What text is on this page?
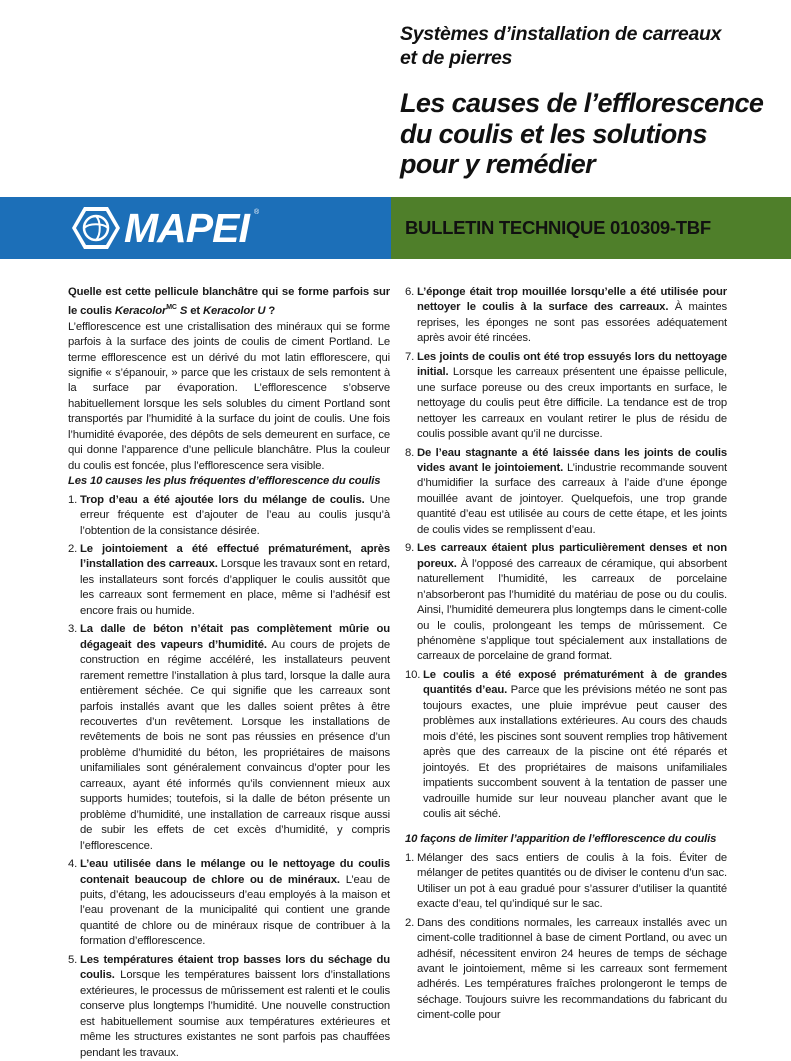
Systèmes d’installation de carreaux
et de pierres
Les causes de l’efflorescence
du coulis et les solutions
pour y remédier
MAPEI ®
BULLETIN TECHNIQUE 010309-TBF
Quelle est cette pellicule blanchâtre qui se forme parfois sur le coulis Keracolor$^{MC}$ S et Keracolor U ?
L’efflorescence est une cristallisation des minéraux qui se forme parfois à la surface des joints de coulis de ciment Portland. Le terme efflorescence est un dérivé du mot latin efflorescere, qui signifie « s’épanouir, » parce que les cristaux de sels remontent à la surface par évaporation. L’efflorescence s’observe habituellement lorsque les sels solubles du ciment Portland sont transportés par l’humidité à la surface du joint de coulis. Une fois l’humidité évaporée, des dépôts de sels demeurent en surface, ce qui donne l’apparence d’une pellicule blanchâtre. Plus la couleur du coulis est foncée, plus l’efflorescence sera visible.
Les 10 causes les plus fréquentes d’efflorescence du coulis
1. Trop d’eau a été ajoutée lors du mélange de coulis. Une erreur fréquente est d’ajouter de l’eau au coulis jusqu’à l’obtention de la consistance désirée.
2. Le jointoiement a été effectué prématurément, après l’installation des carreaux. Lorsque les travaux sont en retard, les installateurs sont forcés d’appliquer le coulis aussitôt que les carreaux sont fermement en place, même si l’adhésif est encore frais ou humide.
3. La dalle de béton n’était pas complètement mûrie ou dégageait des vapeurs d’humidité. Au cours de projets de construction en régime accéléré, les installateurs peuvent rarement remettre l’installation à plus tard, lorsque la dalle aura entièrement séchée. Ce qui signifie que les carreaux sont parfois installés avant que les dalles soient prêtes à être recouvertes d’un revêtement. Lorsque les installations de revêtements de bois ne sont pas réussies en présence d’un problème d’humidité du béton, les propriétaires de maisons unifamiliales sont généralement convaincus d’opter pour les carreaux, ayant été informés qu’ils conviennent mieux aux supports humides; toutefois, si la dalle de béton présente un problème d’humidité, une installation de carreaux risque aussi de subir les effets de cet excès d’humidité, y compris l’efflorescence.
4. L’eau utilisée dans le mélange ou le nettoyage du coulis contenait beaucoup de chlore ou de minéraux. L’eau de puits, d’étang, les adoucisseurs d’eau employés à la maison et l’eau provenant de la municipalité qui contient une grande quantité de chlore ou de minéraux risque de contribuer à la formation d’efflorescence.
5. Les températures étaient trop basses lors du séchage du coulis. Lorsque les températures baissent lors d’installations extérieures, le processus de mûrissement est ralenti et le coulis conserve plus longtemps l’humidité. Une nouvelle construction est habituellement soumise aux températures extérieures et même les structures existantes ne sont parfois pas chauffées pendant les travaux.
6. L’éponge était trop mouillée lorsqu’elle a été utilisée pour nettoyer le coulis à la surface des carreaux. À maintes reprises, les éponges ne sont pas essorées adéquatement après avoir été rincées.
7. Les joints de coulis ont été trop essuyés lors du nettoyage initial. Lorsque les carreaux présentent une épaisse pellicule, une surface poreuse ou des creux importants en surface, le nettoyage du coulis peut être difficile. La tendance est de trop nettoyer les carreaux en voulant retirer le plus de résidu de coulis possible avant qu’il ne durcisse.
8. De l’eau stagnante a été laissée dans les joints de coulis vides avant le jointoiement. L’industrie recommande souvent d’humidifier la surface des carreaux à l’aide d’une éponge mouillée avant de jointoyer. Quelquefois, une trop grande quantité d’eau est utilisée au cours de cette étape, et les joints de coulis vides se remplissent d’eau.
9. Les carreaux étaient plus particulièrement denses et non poreux. À l’opposé des carreaux de céramique, qui absorbent naturellement l’humidité, les carreaux de porcelaine n’absorberont pas l’humidité du matériau de pose ou du coulis. Ainsi, l’humidité demeurera plus longtemps dans le ciment-colle ou le coulis, prolongeant les temps de mûrissement. Ce phénomène s’applique tout spécialement aux installations de carreaux de porcelaine de grand format.
10. Le coulis a été exposé prématurément à de grandes quantités d’eau. Parce que les prévisions météo ne sont pas toujours exactes, une pluie imprévue peut causer des problèmes aux installations extérieures. Au cours des chauds mois d’été, les piscines sont souvent remplies trop hâtivement après que des carreaux de la piscine ont été réparés et jointoyés. Et des propriétaires de maisons unifamiliales impatients succombent souvent à la tentation de passer une vadrouille humide sur leur nouveau plancher avant que le coulis ait séché.
10 façons de limiter l’apparition de l’efflorescence du coulis
1. Mélanger des sacs entiers de coulis à la fois. Éviter de mélanger de petites quantités ou de diviser le contenu d’un sac. Utiliser un pot à eau gradué pour s’assurer d’utiliser la quantité exacte d’eau, tel qu’indiqué sur le sac.
2. Dans des conditions normales, les carreaux installés avec un ciment-colle traditionnel à base de ciment Portland, ou avec un adhésif, nécessitent environ 24 heures de temps de séchage avant le jointoiement, même si les carreaux sont fermement adhérés. Les températures fraîches prolongeront le temps de séchage. Toujours suivre les recommandations du fabricant du ciment-colle pour
